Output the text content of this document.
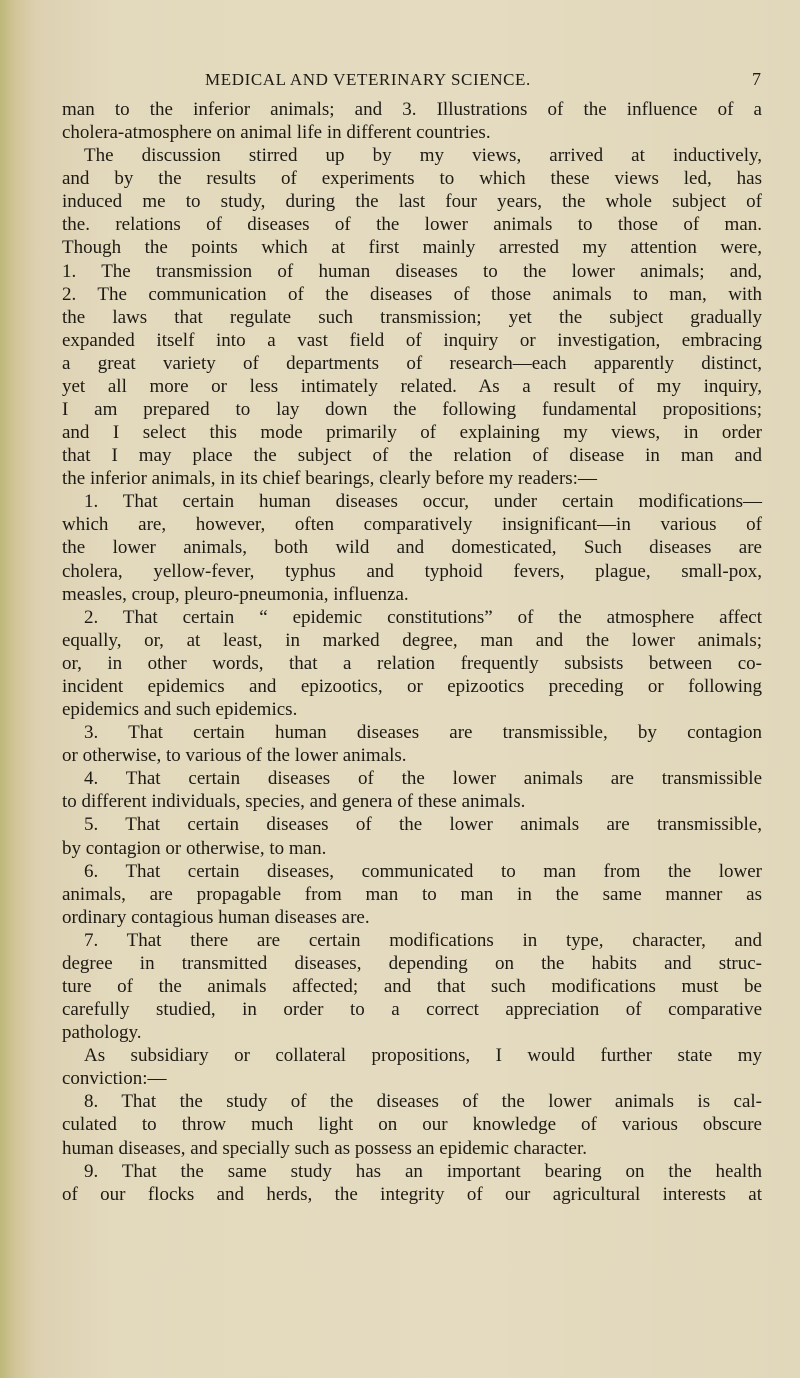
MEDICAL AND VETERINARY SCIENCE.	7
man to the inferior animals; and 3. Illustrations of the influence of a
cholera-atmosphere on animal life in different countries.
The discussion stirred up by my views, arrived at inductively,
and by the results of experiments to which these views led, has
induced me to study, during the last four years, the whole subject of
the. relations of diseases of the lower animals to those of man.
Though the points which at first mainly arrested my attention were,
1. The transmission of human diseases to the lower animals; and,
2. The communication of the diseases of those animals to man, with
the laws that regulate such transmission; yet the subject gradually
expanded itself into a vast field of inquiry or investigation, embracing
a great variety of departments of research—each apparently distinct,
yet all more or less intimately related. As a result of my inquiry,
I am prepared to lay down the following fundamental propositions;
and I select this mode primarily of explaining my views, in order
that I may place the subject of the relation of disease in man and
the inferior animals, in its chief bearings, clearly before my readers:—
1. That certain human diseases occur, under certain modifications—
which are, however, often comparatively insignificant—in various of
the lower animals, both wild and domesticated, Such diseases are
cholera, yellow-fever, typhus and typhoid fevers, plague, small-pox,
measles, croup, pleuro-pneumonia, influenza.
2. That certain “ epidemic constitutions” of the atmosphere affect
equally, or, at least, in marked degree, man and the lower animals;
or, in other words, that a relation frequently subsists between co-
incident epidemics and epizootics, or epizootics preceding or following
epidemics and such epidemics.
3. That certain human diseases are transmissible, by contagion
or otherwise, to various of the lower animals.
4. That certain diseases of the lower animals are transmissible
to different individuals, species, and genera of these animals.
5. That certain diseases of the lower animals are transmissible,
by contagion or otherwise, to man.
6. That certain diseases, communicated to man from the lower
animals, are propagable from man to man in the same manner as
ordinary contagious human diseases are.
7. That there are certain modifications in type, character, and
degree in transmitted diseases, depending on the habits and struc-
ture of the animals affected; and that such modifications must be
carefully studied, in order to a correct appreciation of comparative
pathology.
As subsidiary or collateral propositions, I would further state my
conviction:—
8. That the study of the diseases of the lower animals is cal-
culated to throw much light on our knowledge of various obscure
human diseases, and specially such as possess an epidemic character.
9. That the same study has an important bearing on the health
of our flocks and herds, the integrity of our agricultural interests at
